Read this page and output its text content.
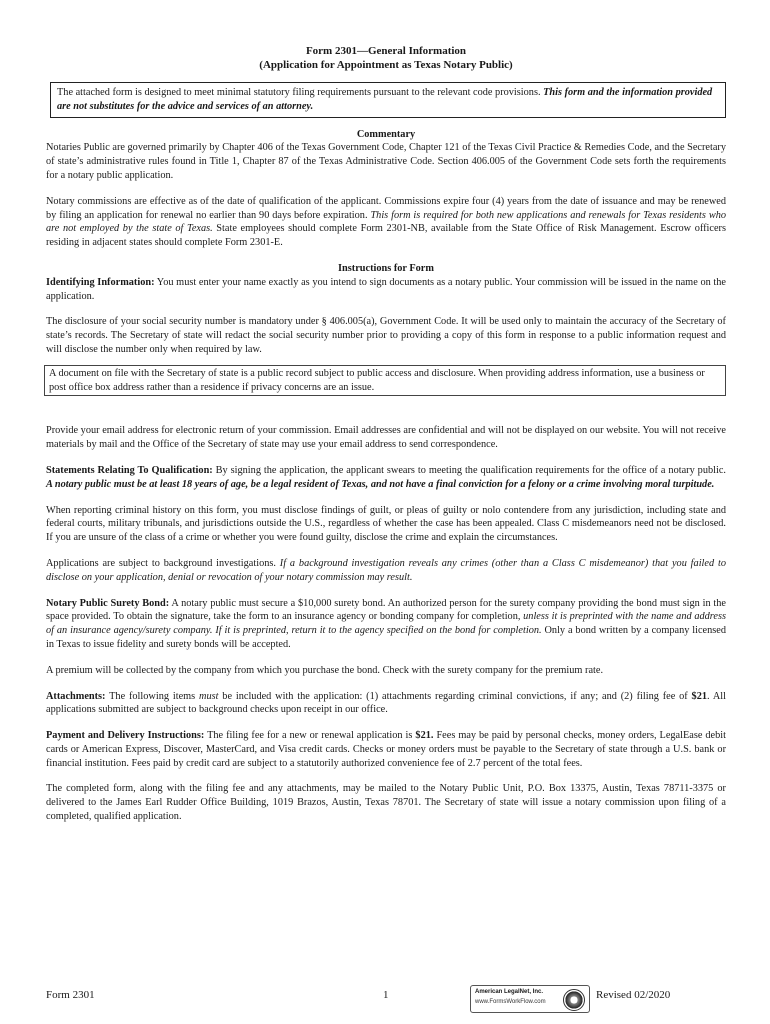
Form 2301—General Information
(Application for Appointment as Texas Notary Public)
The attached form is designed to meet minimal statutory filing requirements pursuant to the relevant code provisions. This form and the information provided are not substitutes for the advice and services of an attorney.
Commentary

Notaries Public are governed primarily by Chapter 406 of the Texas Government Code, Chapter 121 of the Texas Civil Practice & Remedies Code, and the Secretary of state’s administrative rules found in Title 1, Chapter 87 of the Texas Administrative Code. Section 406.005 of the Government Code sets forth the requirements for a notary public application.

Notary commissions are effective as of the date of qualification of the applicant. Commissions expire four (4) years from the date of issuance and may be renewed by filing an application for renewal no earlier than 90 days before expiration. This form is required for both new applications and renewals for Texas residents who are not employed by the state of Texas. State employees should complete Form 2301-NB, available from the State Office of Risk Management. Escrow officers residing in adjacent states should complete Form 2301-E.

Instructions for Form

Identifying Information: You must enter your name exactly as you intend to sign documents as a notary public. Your commission will be issued in the name on the application.

The disclosure of your social security number is mandatory under § 406.005(a), Government Code. It will be used only to maintain the accuracy of the Secretary of state’s records. The Secretary of state will redact the social security number prior to providing a copy of this form in response to a public information request and will disclose the number only when required by law.

A document on file with the Secretary of state is a public record subject to public access and disclosure. When providing address information, use a business or post office box address rather than a residence if privacy concerns are an issue.

Provide your email address for electronic return of your commission. Email addresses are confidential and will not be displayed on our website. You will not receive materials by mail and the Office of the Secretary of state may use your email address to send correspondence.

Statements Relating To Qualification: By signing the application, the applicant swears to meeting the qualification requirements for the office of a notary public. A notary public must be at least 18 years of age, be a legal resident of Texas, and not have a final conviction for a felony or a crime involving moral turpitude.

When reporting criminal history on this form, you must disclose findings of guilt, or pleas of guilty or nolo contendere from any jurisdiction, including state and federal courts, military tribunals, and jurisdictions outside the U.S., regardless of whether the case has been appealed. Class C misdemeanors need not be disclosed. If you are unsure of the class of a crime or whether you were found guilty, disclose the crime and explain the circumstances.

Applications are subject to background investigations. If a background investigation reveals any crimes (other than a Class C misdemeanor) that you failed to disclose on your application, denial or revocation of your notary commission may result.

Notary Public Surety Bond: A notary public must secure a $10,000 surety bond. An authorized person for the surety company providing the bond must sign in the space provided. To obtain the signature, take the form to an insurance agency or bonding company for completion, unless it is preprinted with the name and address of an insurance agency/surety company. If it is preprinted, return it to the agency specified on the bond for completion. Only a bond written by a company licensed in Texas to issue fidelity and surety bonds will be accepted.

A premium will be collected by the company from which you purchase the bond. Check with the surety company for the premium rate.

Attachments: The following items must be included with the application: (1) attachments regarding criminal convictions, if any; and (2) filing fee of $21. All applications submitted are subject to background checks upon receipt in our office.

Payment and Delivery Instructions: The filing fee for a new or renewal application is $21. Fees may be paid by personal checks, money orders, LegalEase debit cards or American Express, Discover, MasterCard, and Visa credit cards. Checks or money orders must be payable to the Secretary of state through a U.S. bank or financial institution. Fees paid by credit card are subject to a statutorily authorized convenience fee of 2.7 percent of the total fees.

The completed form, along with the filing fee and any attachments, may be mailed to the Notary Public Unit, P.O. Box 13375, Austin, Texas 78711-3375 or delivered to the James Earl Rudder Office Building, 1019 Brazos, Austin, Texas 78701. The Secretary of state will issue a notary commission upon filing of a completed, qualified application.

Form 2301	1	American LegalNet, Inc.
www.FormsWorkFlow.com
Revised 02/2020
